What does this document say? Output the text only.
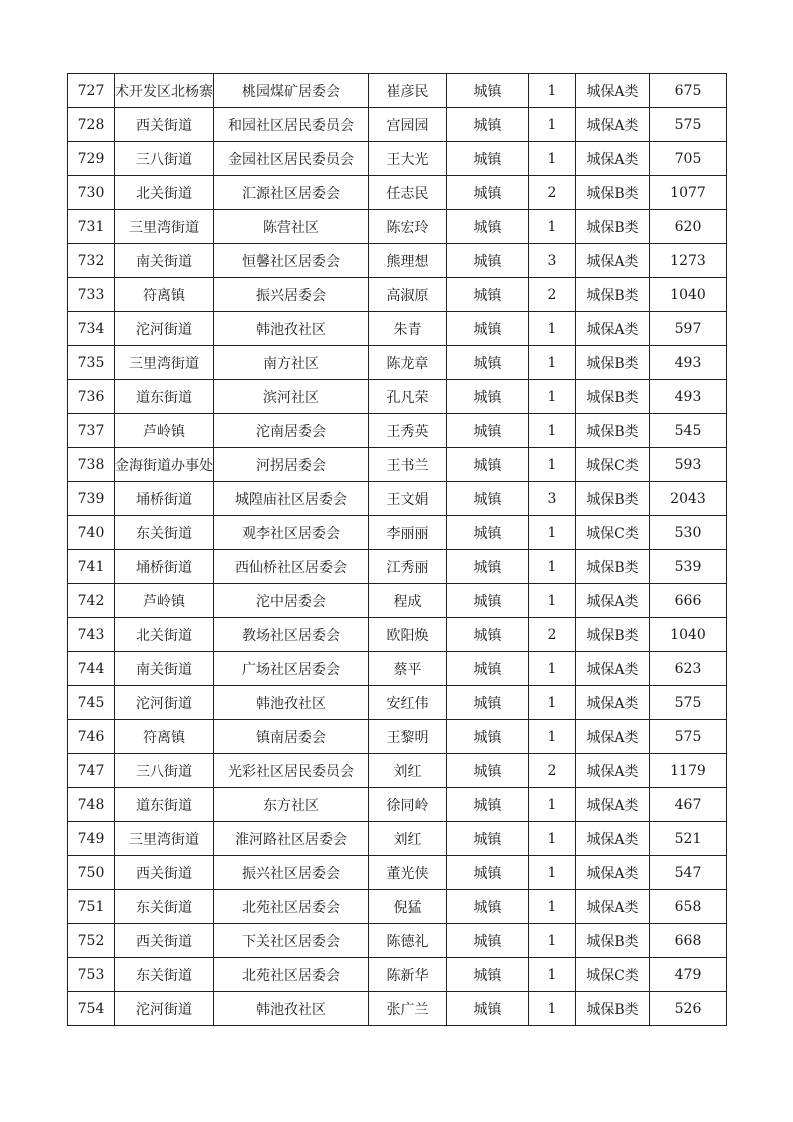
727	术开发区北杨寨	桃园煤矿居委会	崔彦民	城镇	1	城保A类	675

728	西关街道	和园社区居民委员会	宫园园	城镇	1	城保A类	575

729	三八街道	金园社区居民委员会	王大光	城镇	1	城保A类	705

730	北关街道	汇源社区居委会	任志民	城镇	2	城保B类	1077

731	三里湾街道	陈营社区	陈宏玲	城镇	1	城保B类	620

732	南关街道	恒馨社区居委会	熊理想	城镇	3	城保A类	1273

733	符离镇	振兴居委会	高淑原	城镇	2	城保B类	1040

734	沱河街道	韩池孜社区	朱青	城镇	1	城保A类	597

735	三里湾街道	南方社区	陈龙章	城镇	1	城保B类	493

736	道东街道	滨河社区	孔凡荣	城镇	1	城保B类	493

737	芦岭镇	沱南居委会	王秀英	城镇	1	城保B类	545

738	金海街道办事处	河拐居委会	王书兰	城镇	1	城保C类	593

739	埇桥街道	城隍庙社区居委会	王文娟	城镇	3	城保B类	2043

740	东关街道	观李社区居委会	李丽丽	城镇	1	城保C类	530

741	埇桥街道	西仙桥社区居委会	江秀丽	城镇	1	城保B类	539

742	芦岭镇	沱中居委会	程成	城镇	1	城保A类	666

743	北关街道	教场社区居委会	欧阳焕	城镇	2	城保B类	1040

744	南关街道	广场社区居委会	蔡平	城镇	1	城保A类	623

745	沱河街道	韩池孜社区	安红伟	城镇	1	城保A类	575

746	符离镇	镇南居委会	王黎明	城镇	1	城保A类	575

747	三八街道	光彩社区居民委员会	刘红	城镇	2	城保A类	1179

748	道东街道	东方社区	徐同岭	城镇	1	城保A类	467

749	三里湾街道	淮河路社区居委会	刘红	城镇	1	城保A类	521

750	西关街道	振兴社区居委会	董光侠	城镇	1	城保A类	547

751	东关街道	北苑社区居委会	倪猛	城镇	1	城保A类	658

752	西关街道	下关社区居委会	陈德礼	城镇	1	城保B类	668

753	东关街道	北苑社区居委会	陈新华	城镇	1	城保C类	479

754	沱河街道	韩池孜社区	张广兰	城镇	1	城保B类	526
